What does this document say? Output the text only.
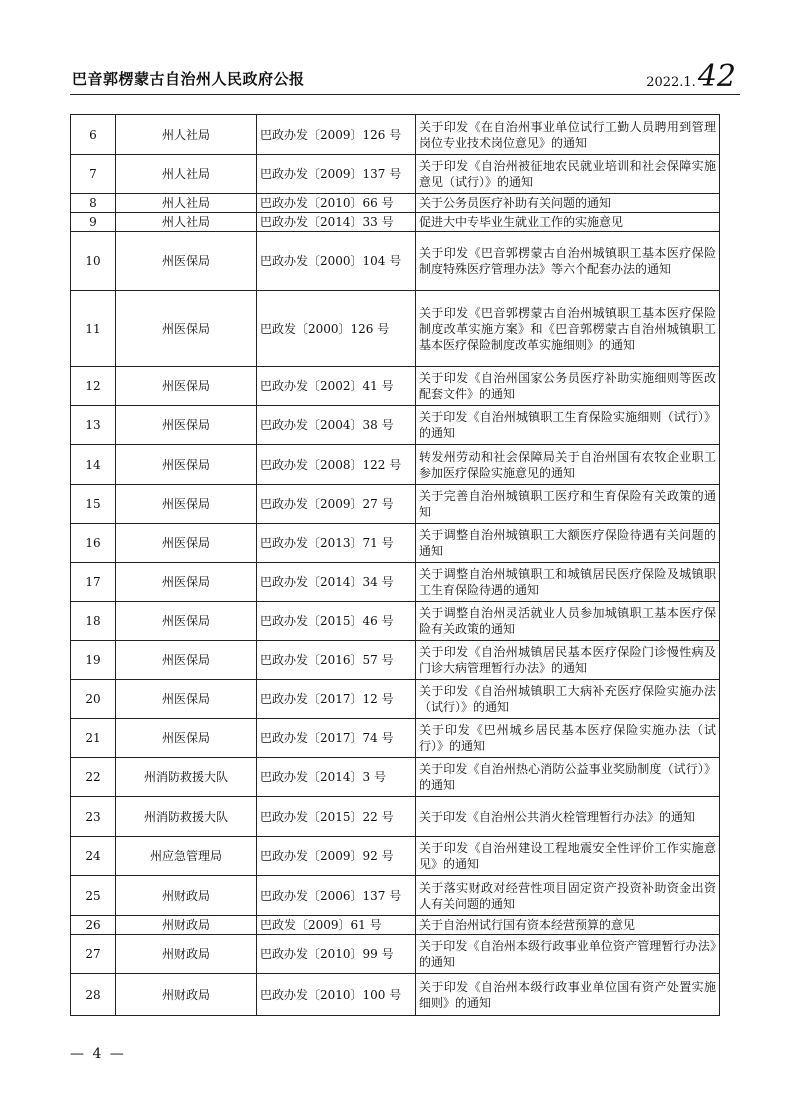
巴音郭楞蒙古自治州人民政府公报	2022.1.42
6	州人社局	巴政办发〔2009〕126 号	关于印发《在自治州事业单位试行工勤人员聘用到管理岗位专业技术岗位意见》的通知
7	州人社局	巴政办发〔2009〕137 号	关于印发《自治州被征地农民就业培训和社会保障实施意见（试行）》的通知
8	州人社局	巴政办发〔2010〕66 号	关于公务员医疗补助有关问题的通知
9	州人社局	巴政办发〔2014〕33 号	促进大中专毕业生就业工作的实施意见
10	州医保局	巴政办发〔2000〕104 号	关于印发《巴音郭楞蒙古自治州城镇职工基本医疗保险制度特殊医疗管理办法》等六个配套办法的通知
11	州医保局	巴政发〔2000〕126 号	关于印发《巴音郭楞蒙古自治州城镇职工基本医疗保险制度改革实施方案》和《巴音郭楞蒙古自治州城镇职工基本医疗保险制度改革实施细则》的通知
12	州医保局	巴政办发〔2002〕41 号	关于印发《自治州国家公务员医疗补助实施细则等医改配套文件》的通知
13	州医保局	巴政办发〔2004〕38 号	关于印发《自治州城镇职工生育保险实施细则（试行）》的通知
14	州医保局	巴政办发〔2008〕122 号	转发州劳动和社会保障局关于自治州国有农牧企业职工参加医疗保险实施意见的通知
15	州医保局	巴政办发〔2009〕27 号	关于完善自治州城镇职工医疗和生育保险有关政策的通知
16	州医保局	巴政办发〔2013〕71 号	关于调整自治州城镇职工大额医疗保险待遇有关问题的通知
17	州医保局	巴政办发〔2014〕34 号	关于调整自治州城镇职工和城镇居民医疗保险及城镇职工生育保险待遇的通知
18	州医保局	巴政办发〔2015〕46 号	关于调整自治州灵活就业人员参加城镇职工基本医疗保险有关政策的通知
19	州医保局	巴政办发〔2016〕57 号	关于印发《自治州城镇居民基本医疗保险门诊慢性病及门诊大病管理暂行办法》的通知
20	州医保局	巴政办发〔2017〕12 号	关于印发《自治州城镇职工大病补充医疗保险实施办法（试行）》的通知
21	州医保局	巴政办发〔2017〕74 号	关于印发《巴州城乡居民基本医疗保险实施办法（试行）》的通知
22	州消防救援大队	巴政办发〔2014〕3 号	关于印发《自治州热心消防公益事业奖励制度（试行）》的通知
23	州消防救援大队	巴政办发〔2015〕22 号	关于印发《自治州公共消火栓管理暂行办法》的通知
24	州应急管理局	巴政办发〔2009〕92 号	关于印发《自治州建设工程地震安全性评价工作实施意见》的通知
25	州财政局	巴政办发〔2006〕137 号	关于落实财政对经营性项目固定资产投资补助资金出资人有关问题的通知
26	州财政局	巴政发〔2009〕61 号	关于自治州试行国有资本经营预算的意见
27	州财政局	巴政办发〔2010〕99 号	关于印发《自治州本级行政事业单位资产管理暂行办法》的通知
28	州财政局	巴政办发〔2010〕100 号	关于印发《自治州本级行政事业单位国有资产处置实施细则》的通知
— 4 —
